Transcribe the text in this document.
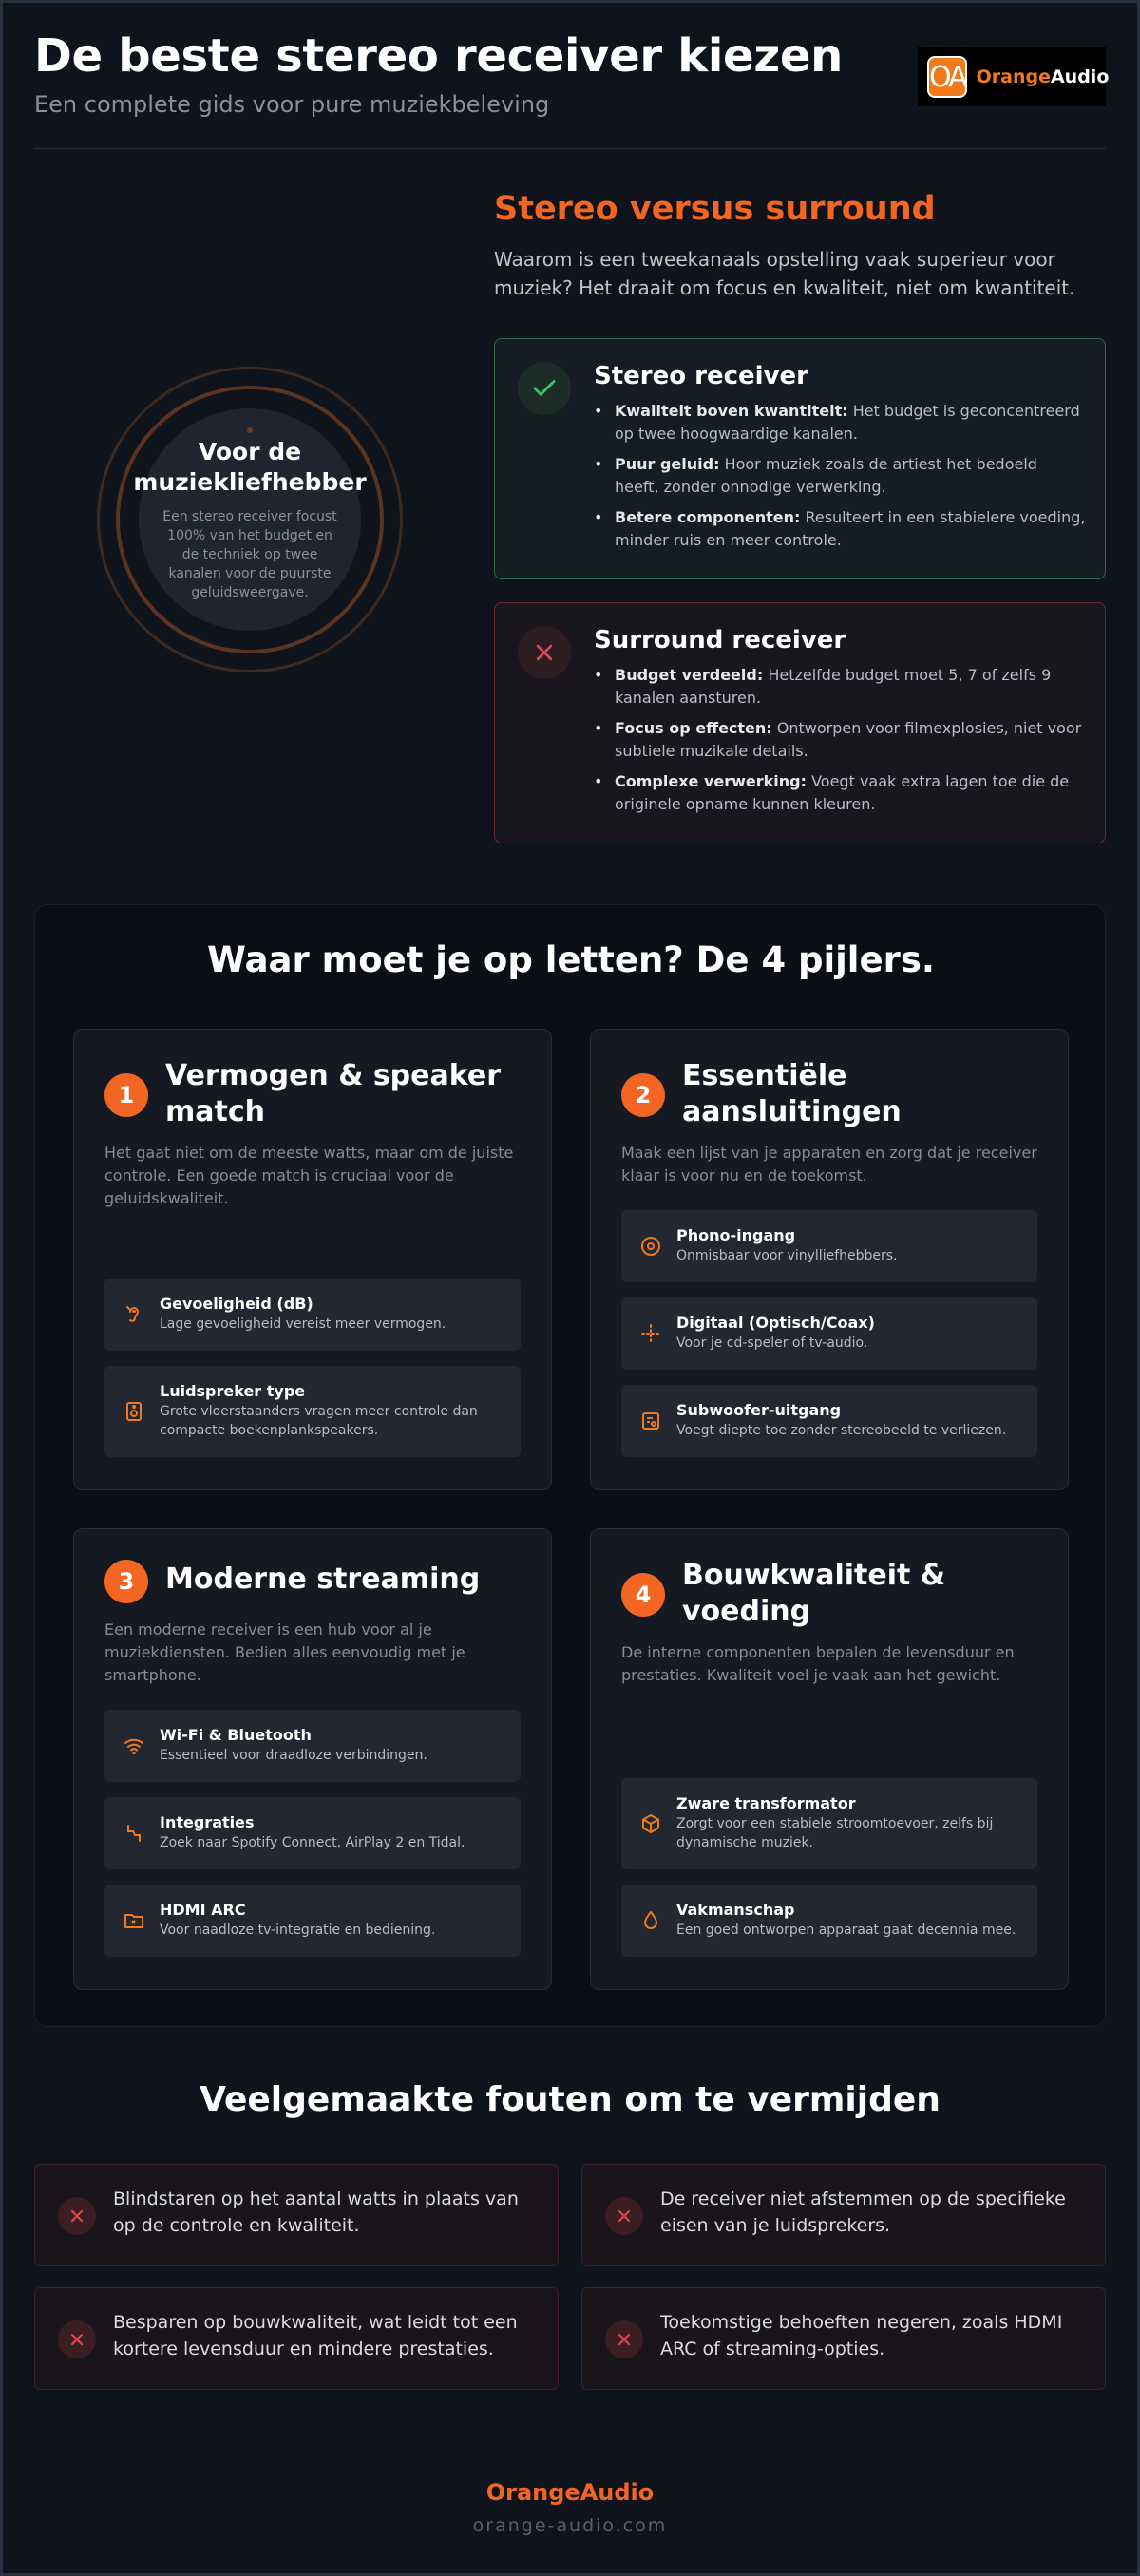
De beste stereo receiver kiezen
Een complete gids voor pure muziekbeleving
OA OrangeAudio
Voor de muziekliefhebber
Een stereo receiver focust 100% van het budget en de techniek op twee kanalen voor de puurste geluidsweergave.
Stereo versus surround

Waarom is een tweekanaals opstelling vaak superieur voor muziek? Het draait om focus en kwaliteit, niet om kwantiteit.

Stereo receiver
• Kwaliteit boven kwantiteit: Het budget is geconcentreerd op twee hoogwaardige kanalen.
• Puur geluid: Hoor muziek zoals de artiest het bedoeld heeft, zonder onnodige verwerking.
• Betere componenten: Resulteert in een stabielere voeding, minder ruis en meer controle.
Surround receiver
• Budget verdeeld: Hetzelfde budget moet 5, 7 of zelfs 9 kanalen aansturen.
• Focus op effecten: Ontworpen voor filmexplosies, niet voor subtiele muzikale details.
• Complexe verwerking: Voegt vaak extra lagen toe die de originele opname kunnen kleuren.
Waar moet je op letten? De 4 pijlers.
1
Vermogen & speaker match

Het gaat niet om de meeste watts, maar om de juiste controle. Een goede match is cruciaal voor de geluidskwaliteit.

Gevoeligheid (dB)
Lage gevoeligheid vereist meer vermogen.
Luidspreker type
Grote vloerstaanders vragen meer controle dan compacte boekenplankspeakers.
2
Essentiële aansluitingen

Maak een lijst van je apparaten en zorg dat je receiver klaar is voor nu en de toekomst.

Phono-ingang
Onmisbaar voor vinylliefhebbers.
Digitaal (Optisch/Coax)
Voor je cd-speler of tv-audio.
Subwoofer-uitgang
Voegt diepte toe zonder stereobeeld te verliezen.
3	Moderne streaming

Een moderne receiver is een hub voor al je muziekdiensten. Bedien alles eenvoudig met je smartphone.

Wi-Fi & Bluetooth
Essentieel voor draadloze verbindingen.
Integraties
Zoek naar Spotify Connect, AirPlay 2 en Tidal.
HDMI ARC
Voor naadloze tv-integratie en bediening.
4
Bouwkwaliteit & voeding

De interne componenten bepalen de levensduur en prestaties. Kwaliteit voel je vaak aan het gewicht.

Zware transformator
Zorgt voor een stabiele stroomtoevoer, zelfs bij dynamische muziek.
Vakmanschap
Een goed ontworpen apparaat gaat decennia mee.
Veelgemaakte fouten om te vermijden
Blindstaren op het aantal watts in plaats van op de controle en kwaliteit.
De receiver niet afstemmen op de specifieke eisen van je luidsprekers.
Besparen op bouwkwaliteit, wat leidt tot een kortere levensduur en mindere prestaties.
Toekomstige behoeften negeren, zoals HDMI ARC of streaming-opties.
OrangeAudio
orange-audio.com
